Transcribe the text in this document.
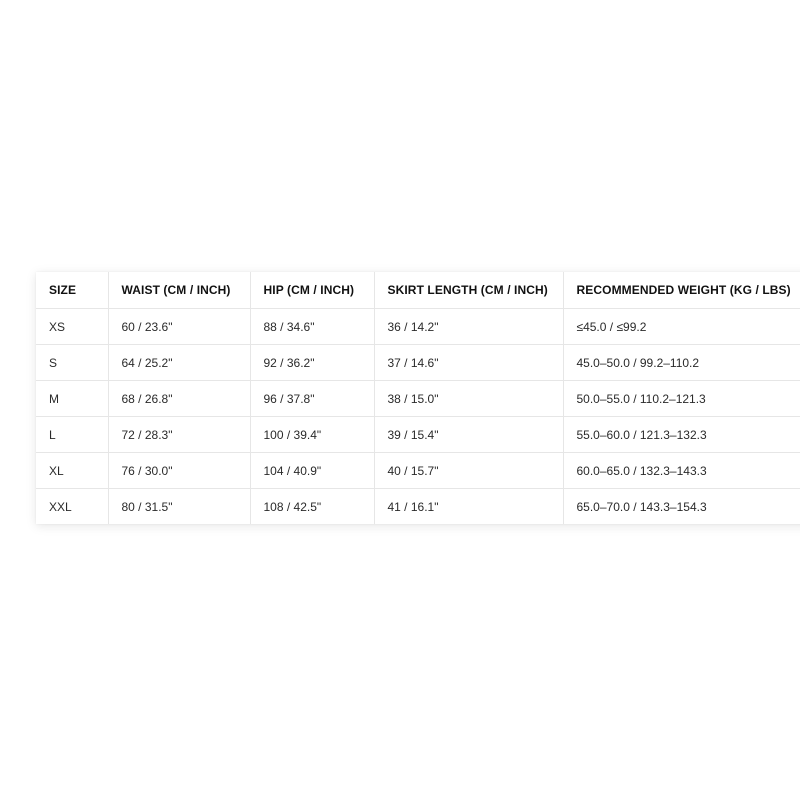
SIZE	WAIST (CM / INCH)	HIP (CM / INCH)	SKIRT LENGTH (CM / INCH)	RECOMMENDED WEIGHT (KG / LBS)
XS	60 / 23.6"	88 / 34.6"	36 / 14.2"	≤45.0 / ≤99.2
S	64 / 25.2"	92 / 36.2"	37 / 14.6"	45.0–50.0 / 99.2–110.2
M	68 / 26.8"	96 / 37.8"	38 / 15.0"	50.0–55.0 / 110.2–121.3
L	72 / 28.3"	100 / 39.4"	39 / 15.4"	55.0–60.0 / 121.3–132.3
XL	76 / 30.0"	104 / 40.9"	40 / 15.7"	60.0–65.0 / 132.3–143.3
XXL	80 / 31.5"	108 / 42.5"	41 / 16.1"	65.0–70.0 / 143.3–154.3
